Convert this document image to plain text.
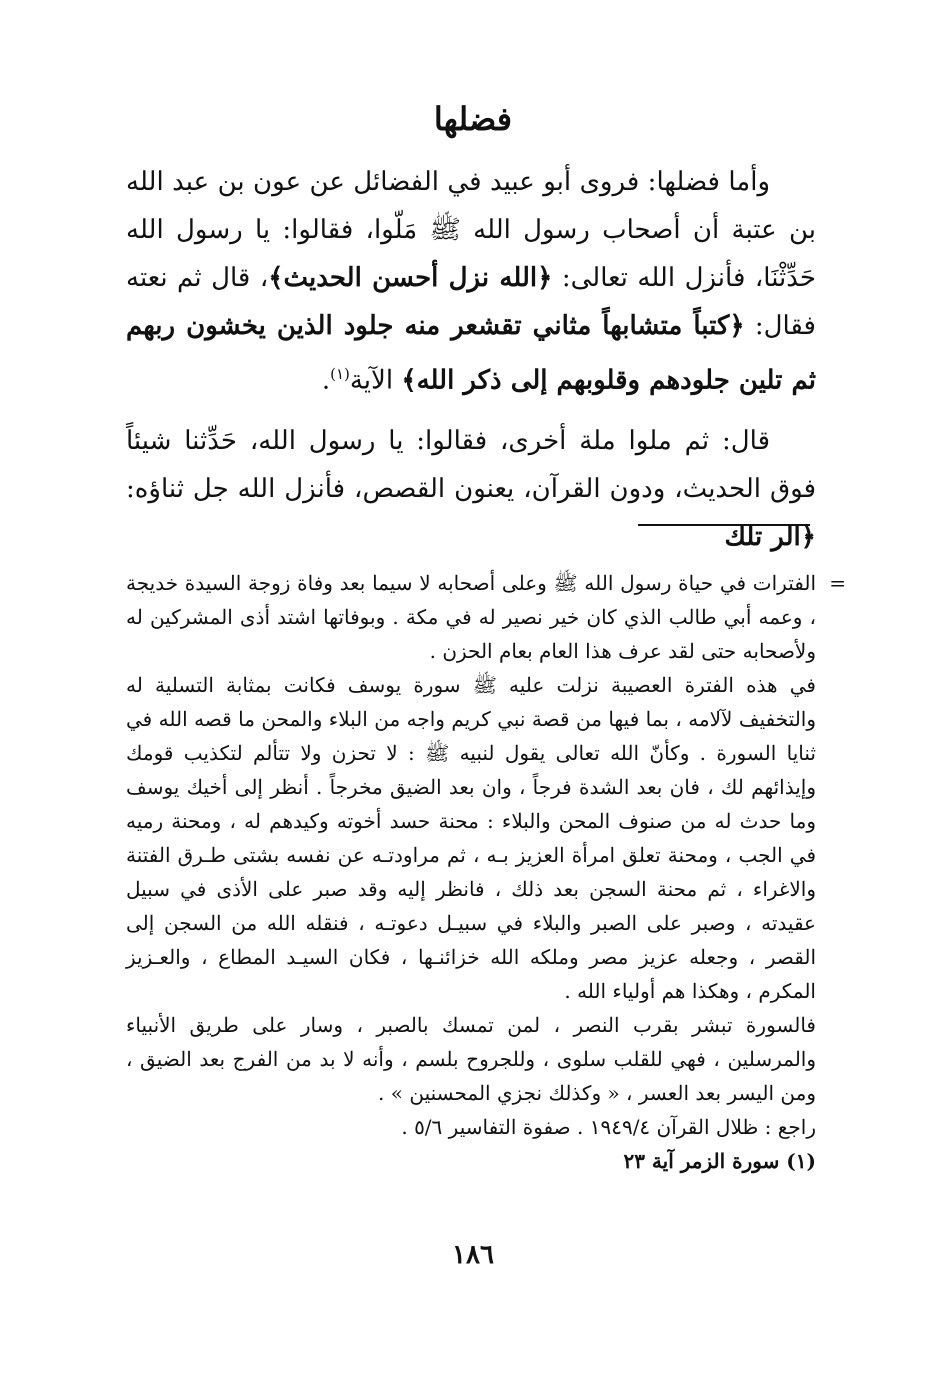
فضلها

وأما فضلها: فروى أبو عبيد في الفضائل عن عون بن عبد الله بن عتبة أن أصحاب رسول الله ﷺ مَلّوا، فقالوا: يا رسول الله حَدِّثْنَا، فأنزل الله تعالى: ﴿الله نزل أحسن الحديث﴾، قال ثم نعته فقال: ﴿كتباً متشابهاً مثاني تقشعر منه جلود الذين يخشون ربهم ثم تلين جلودهم وقلوبهم إلى ذكر الله﴾ الآية$^{(١)}$.

قال: ثم ملوا ملة أخرى، فقالوا: يا رسول الله، حَدِّثنا شيئاً فوق الحديث، ودون القرآن، يعنون القصص، فأنزل الله جل ثناؤه: ﴿الر تلك

=

الفترات في حياة رسول الله ﷺ وعلى أصحابه لا سيما بعد وفاة زوجة السيدة خديجة ، وعمه أبي طالب الذي كان خير نصير له في مكة . وبوفاتها اشتد أذى المشركين له ولأصحابه حتى لقد عرف هذا العام بعام الحزن .

في هذه الفترة العصيبة نزلت عليه ﷺ سورة يوسف فكانت بمثابة التسلية له والتخفيف لآلامه ، بما فيها من قصة نبي كريم واجه من البلاء والمحن ما قصه الله في ثنايا السورة . وكأنّ الله تعالى يقول لنبيه ﷺ : لا تحزن ولا تتألم لتكذيب قومك وإيذائهم لك ، فان بعد الشدة فرجاً ، وان بعد الضيق مخرجاً . أنظر إلى أخيك يوسف وما حدث له من صنوف المحن والبلاء : محنة حسد أخوته وكيدهم له ، ومحنة رميه في الجب ، ومحنة تعلق امرأة العزيز بـه ، ثم مراودتـه عن نفسه بشتى طـرق الفتنة والاغراء ، ثم محنة السجن بعد ذلك ، فانظر إليه وقد صبر على الأذى في سبيل عقيدته ، وصبر على الصبر والبلاء في سبيـل دعوتـه ، فنقله الله من السجن إلى القصر ، وجعله عزيز مصر وملكه الله خزائنـها ، فكان السيـد المطاع ، والعـزيز المكرم ، وهكذا هم أولياء الله .

فالسورة تبشر بقرب النصر ، لمن تمسك بالصبر ، وسار على طريق الأنبياء والمرسلين ، فهي للقلب سلوى ، وللجروح بلسم ، وأنه لا بد من الفرج بعد الضيق ، ومن اليسر بعد العسر ، « وكذلك نجزي المحسنين » .

راجع : ظلال القرآن ١٩٤٩/٤ . صفوة التفاسير ٥/٦ .

(١) سورة الزمر آية ٢٣

١٨٦
